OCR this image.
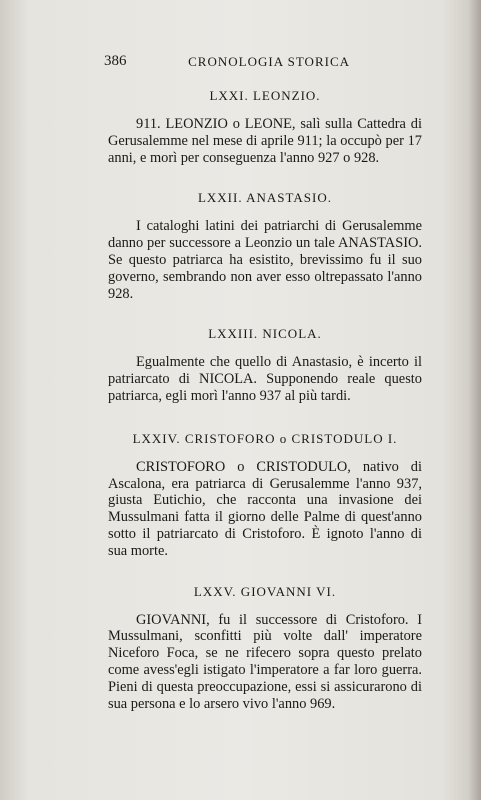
386	CRONOLOGIA STORICA
LXXI. LEONZIO.

911. LEONZIO o LEONE, salì sulla Cattedra di Gerusalemme nel mese di aprile 911; la occupò per 17 anni, e morì per conseguenza l'anno 927 o 928.

LXXII. ANASTASIO.

I cataloghi latini dei patriarchi di Gerusalemme danno per successore a Leonzio un tale ANASTASIO. Se questo patriarca ha esistito, brevissimo fu il suo governo, sembrando non aver esso oltrepassato l'anno 928.

LXXIII. NICOLA.

Egualmente che quello di Anastasio, è incerto il patriarcato di NICOLA. Supponendo reale questo patriarca, egli morì l'anno 937 al più tardi.

LXXIV. CRISTOFORO o CRISTODULO I.

CRISTOFORO o CRISTODULO, nativo di Ascalona, era patriarca di Gerusalemme l'anno 937, giusta Eutichio, che racconta una invasione dei Mussulmani fatta il giorno delle Palme di quest'anno sotto il patriarcato di Cristoforo. È ignoto l'anno di sua morte.

LXXV. GIOVANNI VI.

GIOVANNI, fu il successore di Cristoforo. I Mussulmani, sconfitti più volte dall' imperatore Niceforo Foca, se ne rifecero sopra questo prelato come avess'egli istigato l'imperatore a far loro guerra. Pieni di questa preoccupazione, essi si assicurarono di sua persona e lo arsero vivo l'anno 969.
